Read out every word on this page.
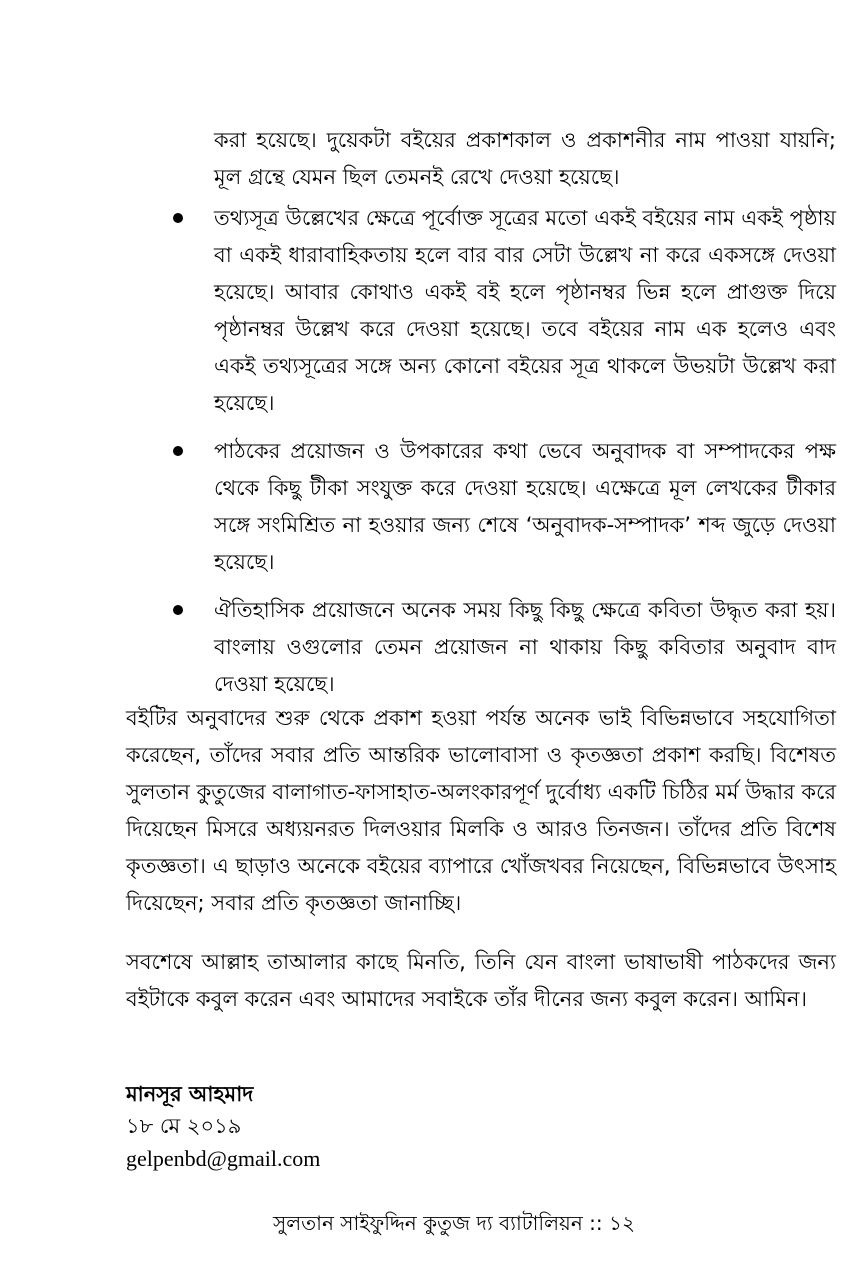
করা হয়েছে। দুয়েকটা বইয়ের প্রকাশকাল ও প্রকাশনীর নাম পাওয়া যায়নি; মূল গ্রন্থে যেমন ছিল তেমনই রেখে দেওয়া হয়েছে।

তথ্যসূত্র উল্লেখের ক্ষেত্রে পূর্বোক্ত সূত্রের মতো একই বইয়ের নাম একই পৃষ্ঠায় বা একই ধারাবাহিকতায় হলে বার বার সেটা উল্লেখ না করে একসঙ্গে দেওয়া হয়েছে। আবার কোথাও একই বই হলে পৃষ্ঠানম্বর ভিন্ন হলে প্রাগুক্ত দিয়ে পৃষ্ঠানম্বর উল্লেখ করে দেওয়া হয়েছে। তবে বইয়ের নাম এক হলেও এবং একই তথ্যসূত্রের সঙ্গে অন্য কোনো বইয়ের সূত্র থাকলে উভয়টা উল্লেখ করা হয়েছে।

পাঠকের প্রয়োজন ও উপকারের কথা ভেবে অনুবাদক বা সম্পাদকের পক্ষ থেকে কিছু টীকা সংযুক্ত করে দেওয়া হয়েছে। এক্ষেত্রে মূল লেখকের টীকার সঙ্গে সংমিশ্রিত না হওয়ার জন্য শেষে ‘অনুবাদক-সম্পাদক’ শব্দ জুড়ে দেওয়া হয়েছে।

ঐতিহাসিক প্রয়োজনে অনেক সময় কিছু কিছু ক্ষেত্রে কবিতা উদ্ধৃত করা হয়। বাংলায় ওগুলোর তেমন প্রয়োজন না থাকায় কিছু কবিতার অনুবাদ বাদ দেওয়া হয়েছে।

বইটির অনুবাদের শুরু থেকে প্রকাশ হওয়া পর্যন্ত অনেক ভাই বিভিন্নভাবে সহযোগিতা করেছেন, তাঁদের সবার প্রতি আন্তরিক ভালোবাসা ও কৃতজ্ঞতা প্রকাশ করছি। বিশেষত সুলতান কুতুজের বালাগাত-ফাসাহাত-অলংকারপূর্ণ দুর্বোধ্য একটি চিঠির মর্ম উদ্ধার করে দিয়েছেন মিসরে অধ্যয়নরত দিলওয়ার মিলকি ও আরও তিনজন। তাঁদের প্রতি বিশেষ কৃতজ্ঞতা। এ ছাড়াও অনেকে বইয়ের ব্যাপারে খোঁজখবর নিয়েছেন, বিভিন্নভাবে উৎসাহ দিয়েছেন; সবার প্রতি কৃতজ্ঞতা জানাচ্ছি।

সবশেষে আল্লাহ তাআলার কাছে মিনতি, তিনি যেন বাংলা ভাষাভাষী পাঠকদের জন্য বইটাকে কবুল করেন এবং আমাদের সবাইকে তাঁর দীনের জন্য কবুল করেন। আমিন।

মানসূর আহমাদ

১৮ মে ২০১৯

gelpenbd@gmail.com

সুলতান সাইফুদ্দিন কুতুজ দ্য ব্যাটালিয়ন :: ১২
